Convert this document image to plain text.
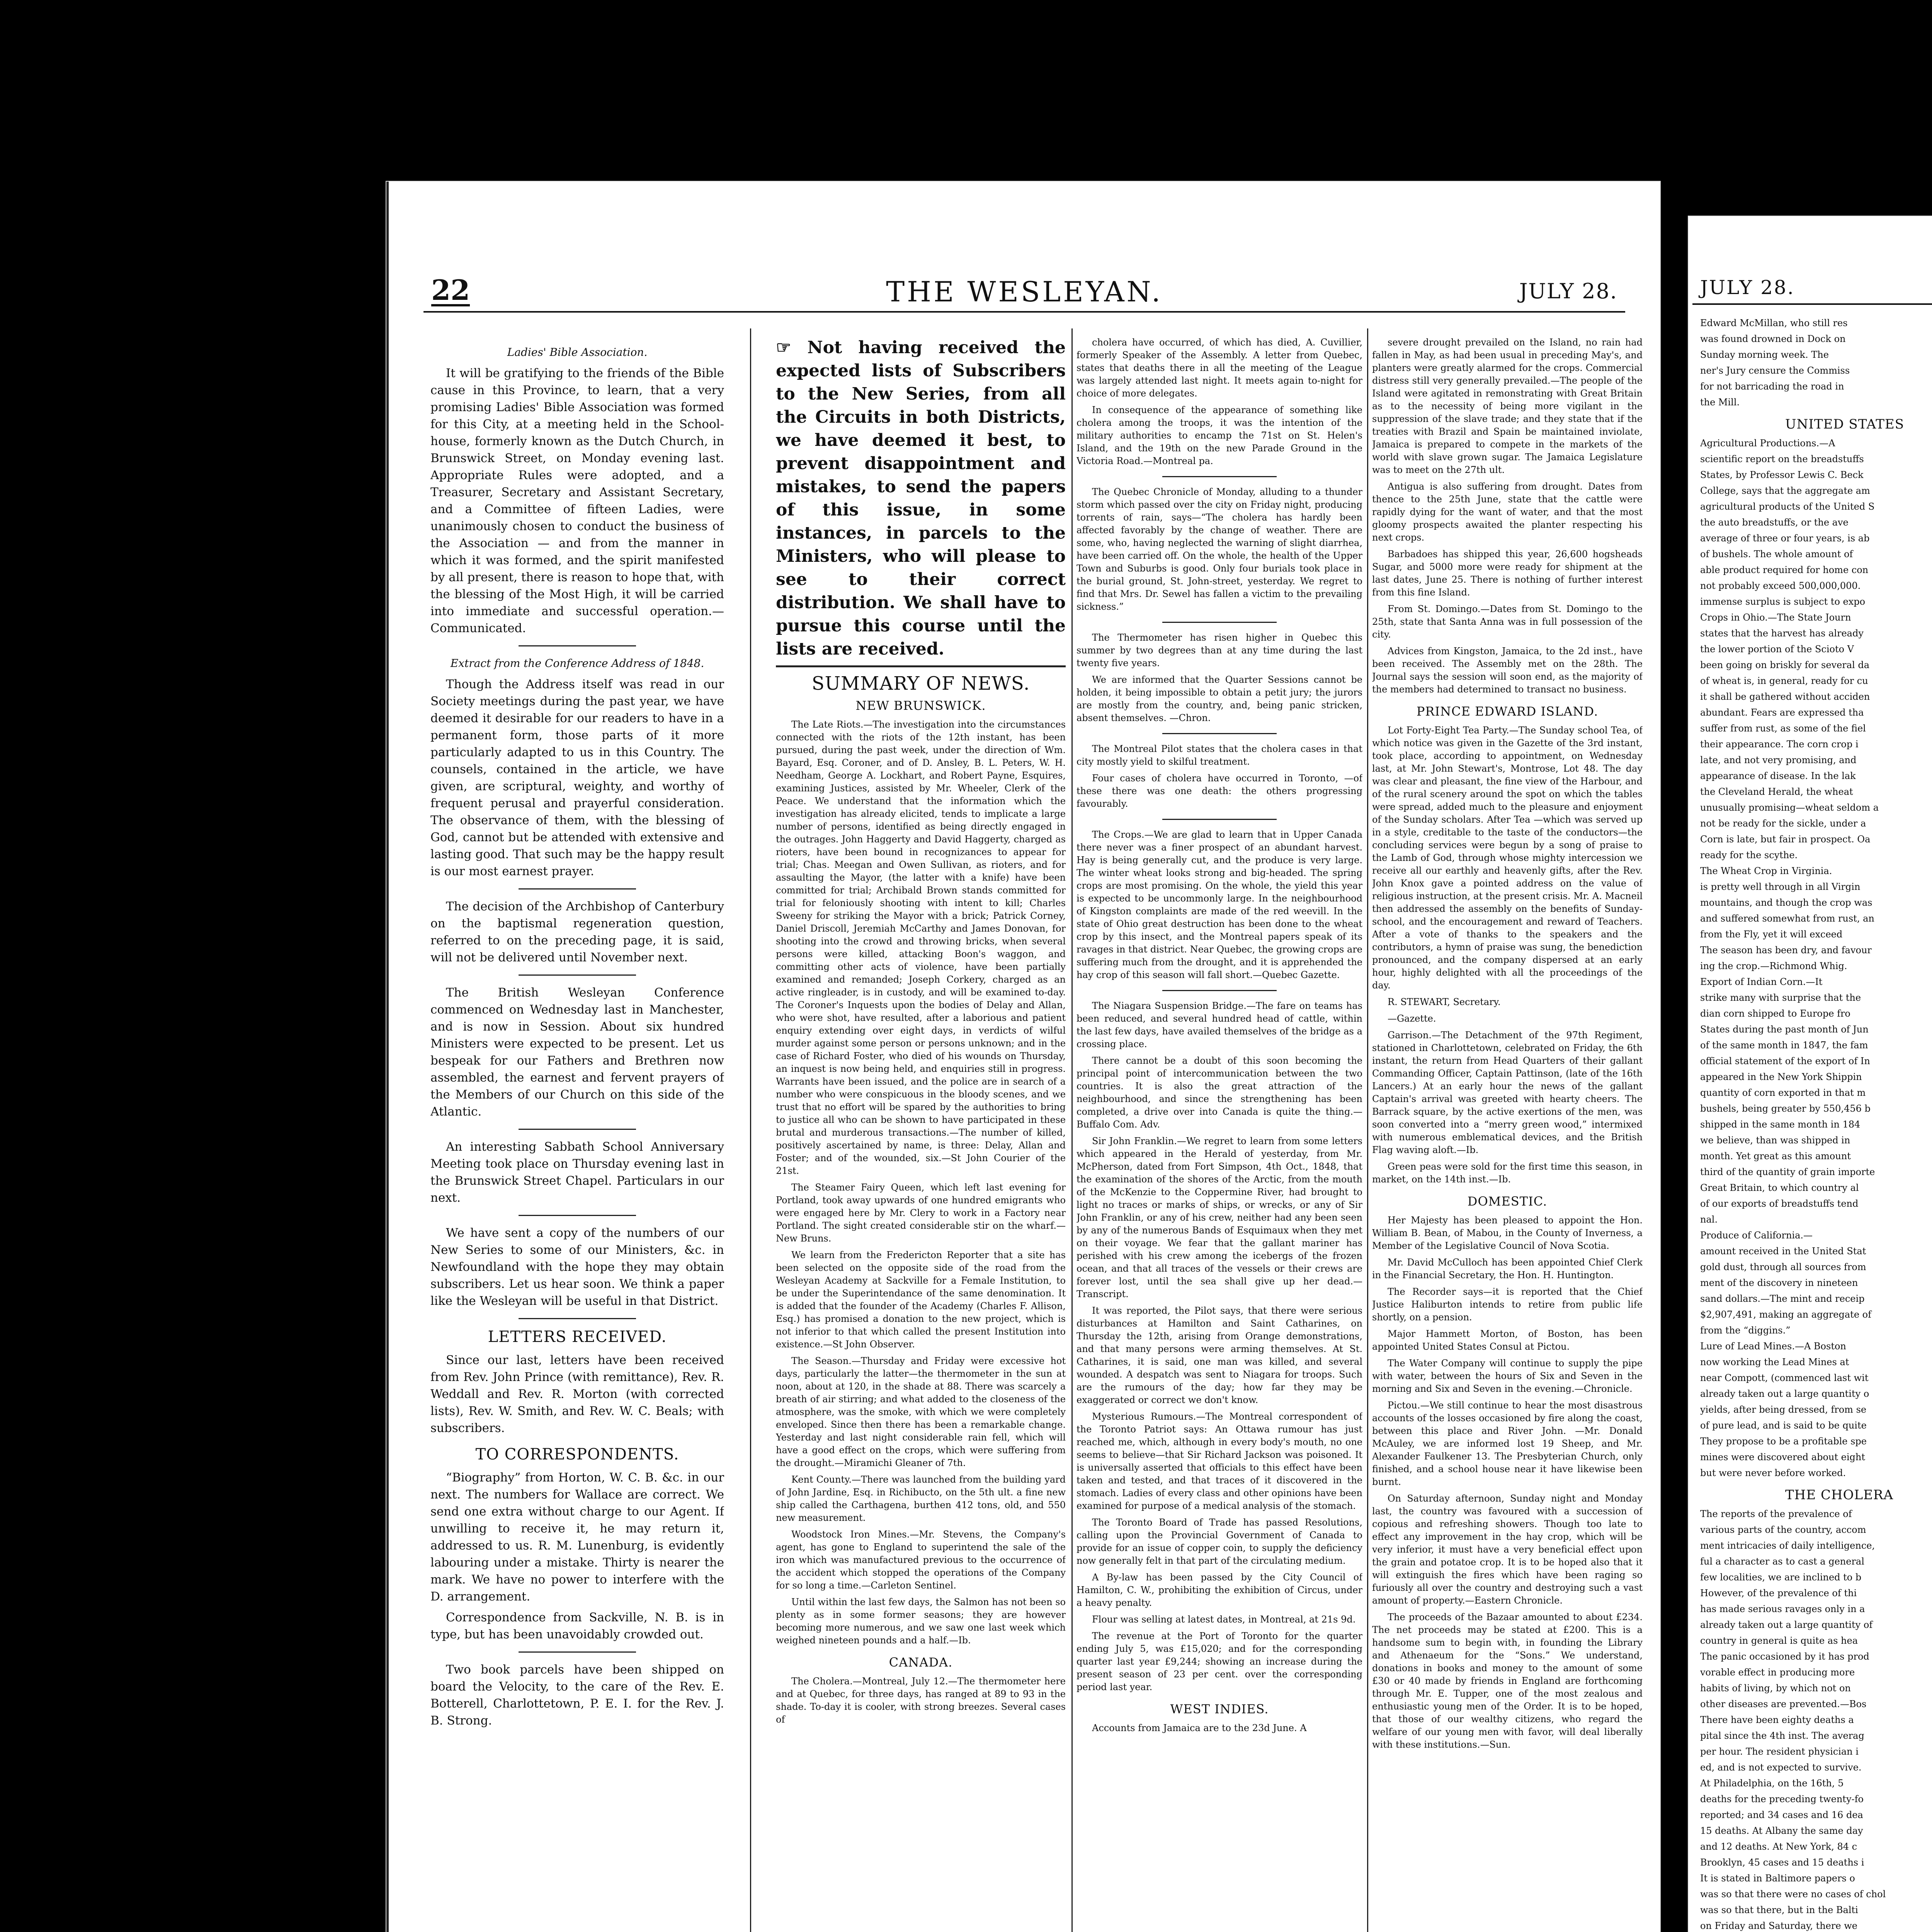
22	THE WESLEYAN.	JULY 28.
Ladies' Bible Association.

It will be gratifying to the friends of the Bible cause in this Province, to learn, that a very promising Ladies' Bible Association was formed for this City, at a meeting held in the School-house, formerly known as the Dutch Church, in Brunswick Street, on Monday evening last. Appropriate Rules were adopted, and a Treasurer, Secretary and Assistant Secretary, and a Committee of fifteen Ladies, were unanimously chosen to conduct the business of the Association — and from the manner in which it was formed, and the spirit manifested by all present, there is reason to hope that, with the blessing of the Most High, it will be carried into immediate and successful operation.—Communicated.

Extract from the Conference Address of 1848.

Though the Address itself was read in our Society meetings during the past year, we have deemed it desirable for our readers to have in a permanent form, those parts of it more particularly adapted to us in this Country. The counsels, contained in the article, we have given, are scriptural, weighty, and worthy of frequent perusal and prayerful consideration. The observance of them, with the blessing of God, cannot but be attended with extensive and lasting good. That such may be the happy result is our most earnest prayer.

The decision of the Archbishop of Canterbury on the baptismal regeneration question, referred to on the preceding page, it is said, will not be delivered until November next.

The British Wesleyan Conference commenced on Wednesday last in Manchester, and is now in Session. About six hundred Ministers were expected to be present. Let us bespeak for our Fathers and Brethren now assembled, the earnest and fervent prayers of the Members of our Church on this side of the Atlantic.

An interesting Sabbath School Anniversary Meeting took place on Thursday evening last in the Brunswick Street Chapel. Particulars in our next.

We have sent a copy of the numbers of our New Series to some of our Ministers, &c. in Newfoundland with the hope they may obtain subscribers. Let us hear soon. We think a paper like the Wesleyan will be useful in that District.

LETTERS RECEIVED.

Since our last, letters have been received from Rev. John Prince (with remittance), Rev. R. Weddall and Rev. R. Morton (with corrected lists), Rev. W. Smith, and Rev. W. C. Beals; with subscribers.

TO CORRESPONDENTS.

“Biography” from Horton, W. C. B. &c. in our next. The numbers for Wallace are correct. We send one extra without charge to our Agent. If unwilling to receive it, he may return it, addressed to us. R. M. Lunenburg, is evidently labouring under a mistake. Thirty is nearer the mark. We have no power to interfere with the D. arrangement.

Correspondence from Sackville, N. B. is in type, but has been unavoidably crowded out.

Two book parcels have been shipped on board the Velocity, to the care of the Rev. E. Botterell, Charlottetown, P. E. I. for the Rev. J. B. Strong.

☞ Not having received the expected lists of Subscribers to the New Series, from all the Circuits in both Districts, we have deemed it best, to prevent disappointment and mistakes, to send the papers of this issue, in some instances, in parcels to the Ministers, who will please to see to their correct distribution. We shall have to pursue this course until the lists are received.
SUMMARY OF NEWS.
NEW BRUNSWICK.

The Late Riots.—The investigation into the circumstances connected with the riots of the 12th instant, has been pursued, during the past week, under the direction of Wm. Bayard, Esq. Coroner, and of D. Ansley, B. L. Peters, W. H. Needham, George A. Lockhart, and Robert Payne, Esquires, examining Justices, assisted by Mr. Wheeler, Clerk of the Peace. We understand that the information which the investigation has already elicited, tends to implicate a large number of persons, identified as being directly engaged in the outrages. John Haggerty and David Haggerty, charged as rioters, have been bound in recognizances to appear for trial; Chas. Meegan and Owen Sullivan, as rioters, and for assaulting the Mayor, (the latter with a knife) have been committed for trial; Archibald Brown stands committed for trial for feloniously shooting with intent to kill; Charles Sweeny for striking the Mayor with a brick; Patrick Corney, Daniel Driscoll, Jeremiah McCarthy and James Donovan, for shooting into the crowd and throwing bricks, when several persons were killed, attacking Boon's waggon, and committing other acts of violence, have been partially examined and remanded; Joseph Corkery, charged as an active ringleader, is in custody, and will be examined to-day. The Coroner's Inquests upon the bodies of Delay and Allan, who were shot, have resulted, after a laborious and patient enquiry extending over eight days, in verdicts of wilful murder against some person or persons unknown; and in the case of Richard Foster, who died of his wounds on Thursday, an inquest is now being held, and enquiries still in progress. Warrants have been issued, and the police are in search of a number who were conspicuous in the bloody scenes, and we trust that no effort will be spared by the authorities to bring to justice all who can be shown to have participated in these brutal and murderous transactions.—The number of killed, positively ascertained by name, is three: Delay, Allan and Foster; and of the wounded, six.—St John Courier of the 21st.

The Steamer Fairy Queen, which left last evening for Portland, took away upwards of one hundred emigrants who were engaged here by Mr. Clery to work in a Factory near Portland. The sight created considerable stir on the wharf.—New Bruns.

We learn from the Fredericton Reporter that a site has been selected on the opposite side of the road from the Wesleyan Academy at Sackville for a Female Institution, to be under the Superintendance of the same denomination. It is added that the founder of the Academy (Charles F. Allison, Esq.) has promised a donation to the new project, which is not inferior to that which called the present Institution into existence.—St John Observer.

The Season.—Thursday and Friday were excessive hot days, particularly the latter—the thermometer in the sun at noon, about at 120, in the shade at 88. There was scarcely a breath of air stirring; and what added to the closeness of the atmosphere, was the smoke, with which we were completely enveloped. Since then there has been a remarkable change. Yesterday and last night considerable rain fell, which will have a good effect on the crops, which were suffering from the drought.—Miramichi Gleaner of 7th.

Kent County.—There was launched from the building yard of John Jardine, Esq. in Richibucto, on the 5th ult. a fine new ship called the Carthagena, burthen 412 tons, old, and 550 new measurement.

Woodstock Iron Mines.—Mr. Stevens, the Company's agent, has gone to England to superintend the sale of the iron which was manufactured previous to the occurrence of the accident which stopped the operations of the Company for so long a time.—Carleton Sentinel.

Until within the last few days, the Salmon has not been so plenty as in some former seasons; they are however becoming more numerous, and we saw one last week which weighed nineteen pounds and a half.—Ib.

CANADA.

The Cholera.—Montreal, July 12.—The thermometer here and at Quebec, for three days, has ranged at 89 to 93 in the shade. To-day it is cooler, with strong breezes. Several cases of

cholera have occurred, of which has died, A. Cuvillier, formerly Speaker of the Assembly. A letter from Quebec, states that deaths there in all the meeting of the League was largely attended last night. It meets again to-night for choice of more delegates.

In consequence of the appearance of something like cholera among the troops, it was the intention of the military authorities to encamp the 71st on St. Helen's Island, and the 19th on the new Parade Ground in the Victoria Road.—Montreal pa.

The Quebec Chronicle of Monday, alluding to a thunder storm which passed over the city on Friday night, producing torrents of rain, says—“The cholera has hardly been affected favorably by the change of weather. There are some, who, having neglected the warning of slight diarrhea, have been carried off. On the whole, the health of the Upper Town and Suburbs is good. Only four burials took place in the burial ground, St. John-street, yesterday. We regret to find that Mrs. Dr. Sewel has fallen a victim to the prevailing sickness.”

The Thermometer has risen higher in Quebec this summer by two degrees than at any time during the last twenty five years.

We are informed that the Quarter Sessions cannot be holden, it being impossible to obtain a petit jury; the jurors are mostly from the country, and, being panic stricken, absent themselves. —Chron.

The Montreal Pilot states that the cholera cases in that city mostly yield to skilful treatment.

Four cases of cholera have occurred in Toronto, —of these there was one death: the others progressing favourably.

The Crops.—We are glad to learn that in Upper Canada there never was a finer prospect of an abundant harvest. Hay is being generally cut, and the produce is very large. The winter wheat looks strong and big-headed. The spring crops are most promising. On the whole, the yield this year is expected to be uncommonly large. In the neighbourhood of Kingston complaints are made of the red weevill. In the state of Ohio great destruction has been done to the wheat crop by this insect, and the Montreal papers speak of its ravages in that district. Near Quebec, the growing crops are suffering much from the drought, and it is apprehended the hay crop of this season will fall short.—Quebec Gazette.

The Niagara Suspension Bridge.—The fare on teams has been reduced, and several hundred head of cattle, within the last few days, have availed themselves of the bridge as a crossing place.

There cannot be a doubt of this soon becoming the principal point of intercommunication between the two countries. It is also the great attraction of the neighbourhood, and since the strengthening has been completed, a drive over into Canada is quite the thing.—Buffalo Com. Adv.

Sir John Franklin.—We regret to learn from some letters which appeared in the Herald of yesterday, from Mr. McPherson, dated from Fort Simpson, 4th Oct., 1848, that the examination of the shores of the Arctic, from the mouth of the McKenzie to the Coppermine River, had brought to light no traces or marks of ships, or wrecks, or any of Sir John Franklin, or any of his crew, neither had any been seen by any of the numerous Bands of Esquimaux when they met on their voyage. We fear that the gallant mariner has perished with his crew among the icebergs of the frozen ocean, and that all traces of the vessels or their crews are forever lost, until the sea shall give up her dead.—Transcript.

It was reported, the Pilot says, that there were serious disturbances at Hamilton and Saint Catharines, on Thursday the 12th, arising from Orange demonstrations, and that many persons were arming themselves. At St. Catharines, it is said, one man was killed, and several wounded. A despatch was sent to Niagara for troops. Such are the rumours of the day; how far they may be exaggerated or correct we don't know.

Mysterious Rumours.—The Montreal correspondent of the Toronto Patriot says: An Ottawa rumour has just reached me, which, although in every body's mouth, no one seems to believe—that Sir Richard Jackson was poisoned. It is universally asserted that officials to this effect have been taken and tested, and that traces of it discovered in the stomach. Ladies of every class and other opinions have been examined for purpose of a medical analysis of the stomach.

The Toronto Board of Trade has passed Resolutions, calling upon the Provincial Government of Canada to provide for an issue of copper coin, to supply the deficiency now generally felt in that part of the circulating medium.

A By-law has been passed by the City Council of Hamilton, C. W., prohibiting the exhibition of Circus, under a heavy penalty.

Flour was selling at latest dates, in Montreal, at 21s 9d.

The revenue at the Port of Toronto for the quarter ending July 5, was £15,020; and for the corresponding quarter last year £9,244; showing an increase during the present season of 23 per cent. over the corresponding period last year.

WEST INDIES.

Accounts from Jamaica are to the 23d June. A

severe drought prevailed on the Island, no rain had fallen in May, as had been usual in preceding May's, and planters were greatly alarmed for the crops. Commercial distress still very generally prevailed.—The people of the Island were agitated in remonstrating with Great Britain as to the necessity of being more vigilant in the suppression of the slave trade; and they state that if the treaties with Brazil and Spain be maintained inviolate, Jamaica is prepared to compete in the markets of the world with slave grown sugar. The Jamaica Legislature was to meet on the 27th ult.

Antigua is also suffering from drought. Dates from thence to the 25th June, state that the cattle were rapidly dying for the want of water, and that the most gloomy prospects awaited the planter respecting his next crops.

Barbadoes has shipped this year, 26,600 hogsheads Sugar, and 5000 more were ready for shipment at the last dates, June 25. There is nothing of further interest from this fine Island.

From St. Domingo.—Dates from St. Domingo to the 25th, state that Santa Anna was in full possession of the city.

Advices from Kingston, Jamaica, to the 2d inst., have been received. The Assembly met on the 28th. The Journal says the session will soon end, as the majority of the members had determined to transact no business.

PRINCE EDWARD ISLAND.

Lot Forty-Eight Tea Party.—The Sunday school Tea, of which notice was given in the Gazette of the 3rd instant, took place, according to appointment, on Wednesday last, at Mr. John Stewart's, Montrose, Lot 48. The day was clear and pleasant, the fine view of the Harbour, and of the rural scenery around the spot on which the tables were spread, added much to the pleasure and enjoyment of the Sunday scholars. After Tea —which was served up in a style, creditable to the taste of the conductors—the concluding services were begun by a song of praise to the Lamb of God, through whose mighty intercession we receive all our earthly and heavenly gifts, after the Rev. John Knox gave a pointed address on the value of religious instruction, at the present crisis. Mr. A. Macneil then addressed the assembly on the benefits of Sunday-school, and the encouragement and reward of Teachers. After a vote of thanks to the speakers and the contributors, a hymn of praise was sung, the benediction pronounced, and the company dispersed at an early hour, highly delighted with all the proceedings of the day.

R. STEWART, Secretary.

—Gazette.

Garrison.—The Detachment of the 97th Regiment, stationed in Charlottetown, celebrated on Friday, the 6th instant, the return from Head Quarters of their gallant Commanding Officer, Captain Pattinson, (late of the 16th Lancers.) At an early hour the news of the gallant Captain's arrival was greeted with hearty cheers. The Barrack square, by the active exertions of the men, was soon converted into a “merry green wood,” intermixed with numerous emblematical devices, and the British Flag waving aloft.—Ib.

Green peas were sold for the first time this season, in market, on the 14th inst.—Ib.

DOMESTIC.

Her Majesty has been pleased to appoint the Hon. William B. Bean, of Mabou, in the County of Inverness, a Member of the Legislative Council of Nova Scotia.

Mr. David McCulloch has been appointed Chief Clerk in the Financial Secretary, the Hon. H. Huntington.

The Recorder says—it is reported that the Chief Justice Haliburton intends to retire from public life shortly, on a pension.

Major Hammett Morton, of Boston, has been appointed United States Consul at Pictou.

The Water Company will continue to supply the pipe with water, between the hours of Six and Seven in the morning and Six and Seven in the evening.—Chronicle.

Pictou.—We still continue to hear the most disastrous accounts of the losses occasioned by fire along the coast, between this place and River John. —Mr. Donald McAuley, we are informed lost 19 Sheep, and Mr. Alexander Faulkener 13. The Presbyterian Church, only finished, and a school house near it have likewise been burnt.

On Saturday afternoon, Sunday night and Monday last, the country was favoured with a succession of copious and refreshing showers. Though too late to effect any improvement in the hay crop, which will be very inferior, it must have a very beneficial effect upon the grain and potatoe crop. It is to be hoped also that it will extinguish the fires which have been raging so furiously all over the country and destroying such a vast amount of property.—Eastern Chronicle.

The proceeds of the Bazaar amounted to about £234. The net proceeds may be stated at £200. This is a handsome sum to begin with, in founding the Library and Athenaeum for the “Sons.” We understand, donations in books and money to the amount of some £30 or 40 made by friends in England are forthcoming through Mr. E. Tupper, one of the most zealous and enthusiastic young men of the Order. It is to be hoped, that those of our wealthy citizens, who regard the welfare of our young men with favor, will deal liberally with these institutions.—Sun.

JULY 28.

Edward McMillan, who still res

was found drowned in Dock on

Sunday morning week. The

ner's Jury censure the Commiss

for not barricading the road in

the Mill.

UNITED STATES

Agricultural Productions.—A

scientific report on the breadstuffs

States, by Professor Lewis C. Beck

College, says that the aggregate am

agricultural products of the United S

the auto breadstuffs, or the ave

average of three or four years, is ab

of bushels. The whole amount of

able product required for home con

not probably exceed 500,000,000.

immense surplus is subject to expo

Crops in Ohio.—The State Journ

states that the harvest has already

the lower portion of the Scioto V

been going on briskly for several da

of wheat is, in general, ready for cu

it shall be gathered without acciden

abundant. Fears are expressed tha

suffer from rust, as some of the fiel

their appearance. The corn crop i

late, and not very promising, and

appearance of disease. In the lak

the Cleveland Herald, the wheat

unusually promising—wheat seldom a

not be ready for the sickle, under a

Corn is late, but fair in prospect. Oa

ready for the scythe.

The Wheat Crop in Virginia.

is pretty well through in all Virgin

mountains, and though the crop was

and suffered somewhat from rust, an

from the Fly, yet it will exceed

The season has been dry, and favour

ing the crop.—Richmond Whig.

Export of Indian Corn.—It

strike many with surprise that the

dian corn shipped to Europe fro

States during the past month of Jun

of the same month in 1847, the fam

official statement of the export of In

appeared in the New York Shippin

quantity of corn exported in that m

bushels, being greater by 550,456 b

shipped in the same month in 184

we believe, than was shipped in

month. Yet great as this amount

third of the quantity of grain importe

Great Britain, to which country al

of our exports of breadstuffs tend

nal.

Produce of California.—

amount received in the United Stat

gold dust, through all sources from

ment of the discovery in nineteen

sand dollars.—The mint and receip

$2,907,491, making an aggregate of

from the “diggins.”

Lure of Lead Mines.—A Boston

now working the Lead Mines at

near Compott, (commenced last wit

already taken out a large quantity o

yields, after being dressed, from se

of pure lead, and is said to be quite

They propose to be a profitable spe

mines were discovered about eight

but were never before worked.

THE CHOLERA

The reports of the prevalence of

various parts of the country, accom

ment intricacies of daily intelligence,

ful a character as to cast a general

few localities, we are inclined to b

However, of the prevalence of thi

has made serious ravages only in a

already taken out a large quantity of

country in general is quite as hea

The panic occasioned by it has prod

vorable effect in producing more

habits of living, by which not on

other diseases are prevented.—Bos

There have been eighty deaths a

pital since the 4th inst. The averag

per hour. The resident physician i

ed, and is not expected to survive.

At Philadelphia, on the 16th, 5

deaths for the preceding twenty-fo

reported; and 34 cases and 16 dea

15 deaths. At Albany the same day

and 12 deaths. At New York, 84 c

Brooklyn, 45 cases and 15 deaths i

It is stated in Baltimore papers o

was so that there were no cases of chol

was so that there, but in the Balti

on Friday and Saturday, there we
